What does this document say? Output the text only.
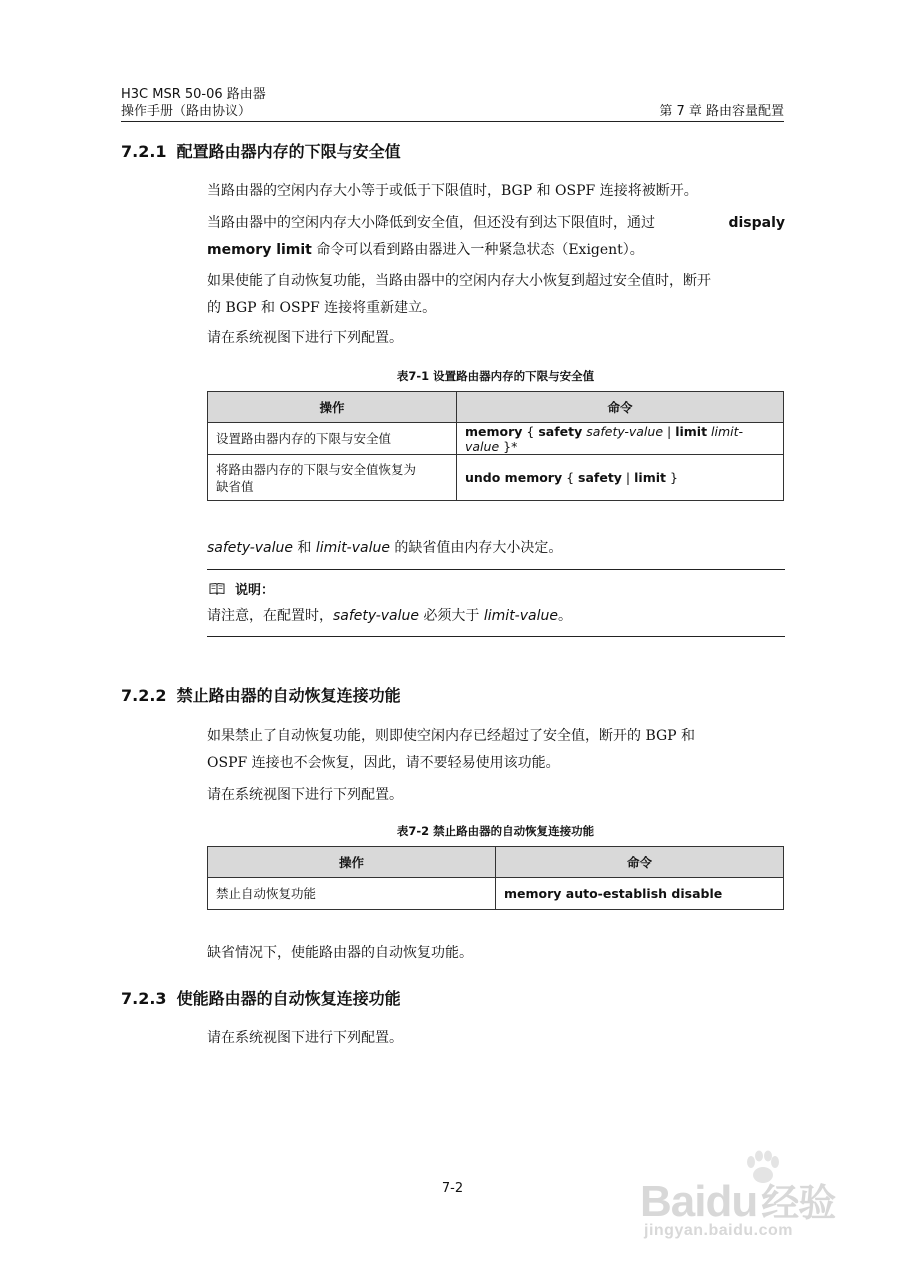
H3C MSR 50-06 路由器
操作手册（路由协议）	第 7 章 路由容量配置
7.2.1 配置路由器内存的下限与安全值
当路由器的空闲内存大小等于或低于下限值时，BGP 和 OSPF 连接将被断开。
当路由器中的空闲内存大小降低到安全值，但还没有到达下限值时，通过	dispaly
memory limit 命令可以看到路由器进入一种紧急状态（Exigent）。
如果使能了自动恢复功能，当路由器中的空闲内存大小恢复到超过安全值时，断开
的 BGP 和 OSPF 连接将重新建立。
请在系统视图下进行下列配置。
表7-1 设置路由器内存的下限与安全值
操作	命令
设置路由器内存的下限与安全值	memory { safety safety-value | limit limit-value }*

将路由器内存的下限与安全值恢复为
缺省值	undo memory { safety | limit }
safety-value 和 limit-value 的缺省值由内存大小决定。
说明：
请注意，在配置时，safety-value 必须大于 limit-value。
7.2.2 禁止路由器的自动恢复连接功能
如果禁止了自动恢复功能，则即使空闲内存已经超过了安全值，断开的 BGP 和
OSPF 连接也不会恢复，因此，请不要轻易使用该功能。
请在系统视图下进行下列配置。
表7-2 禁止路由器的自动恢复连接功能
操作	命令
禁止自动恢复功能	memory auto-establish disable
缺省情况下，使能路由器的自动恢复功能。
7.2.3 使能路由器的自动恢复连接功能
请在系统视图下进行下列配置。
7-2	Baidu 经验
jingyan.baidu.com
